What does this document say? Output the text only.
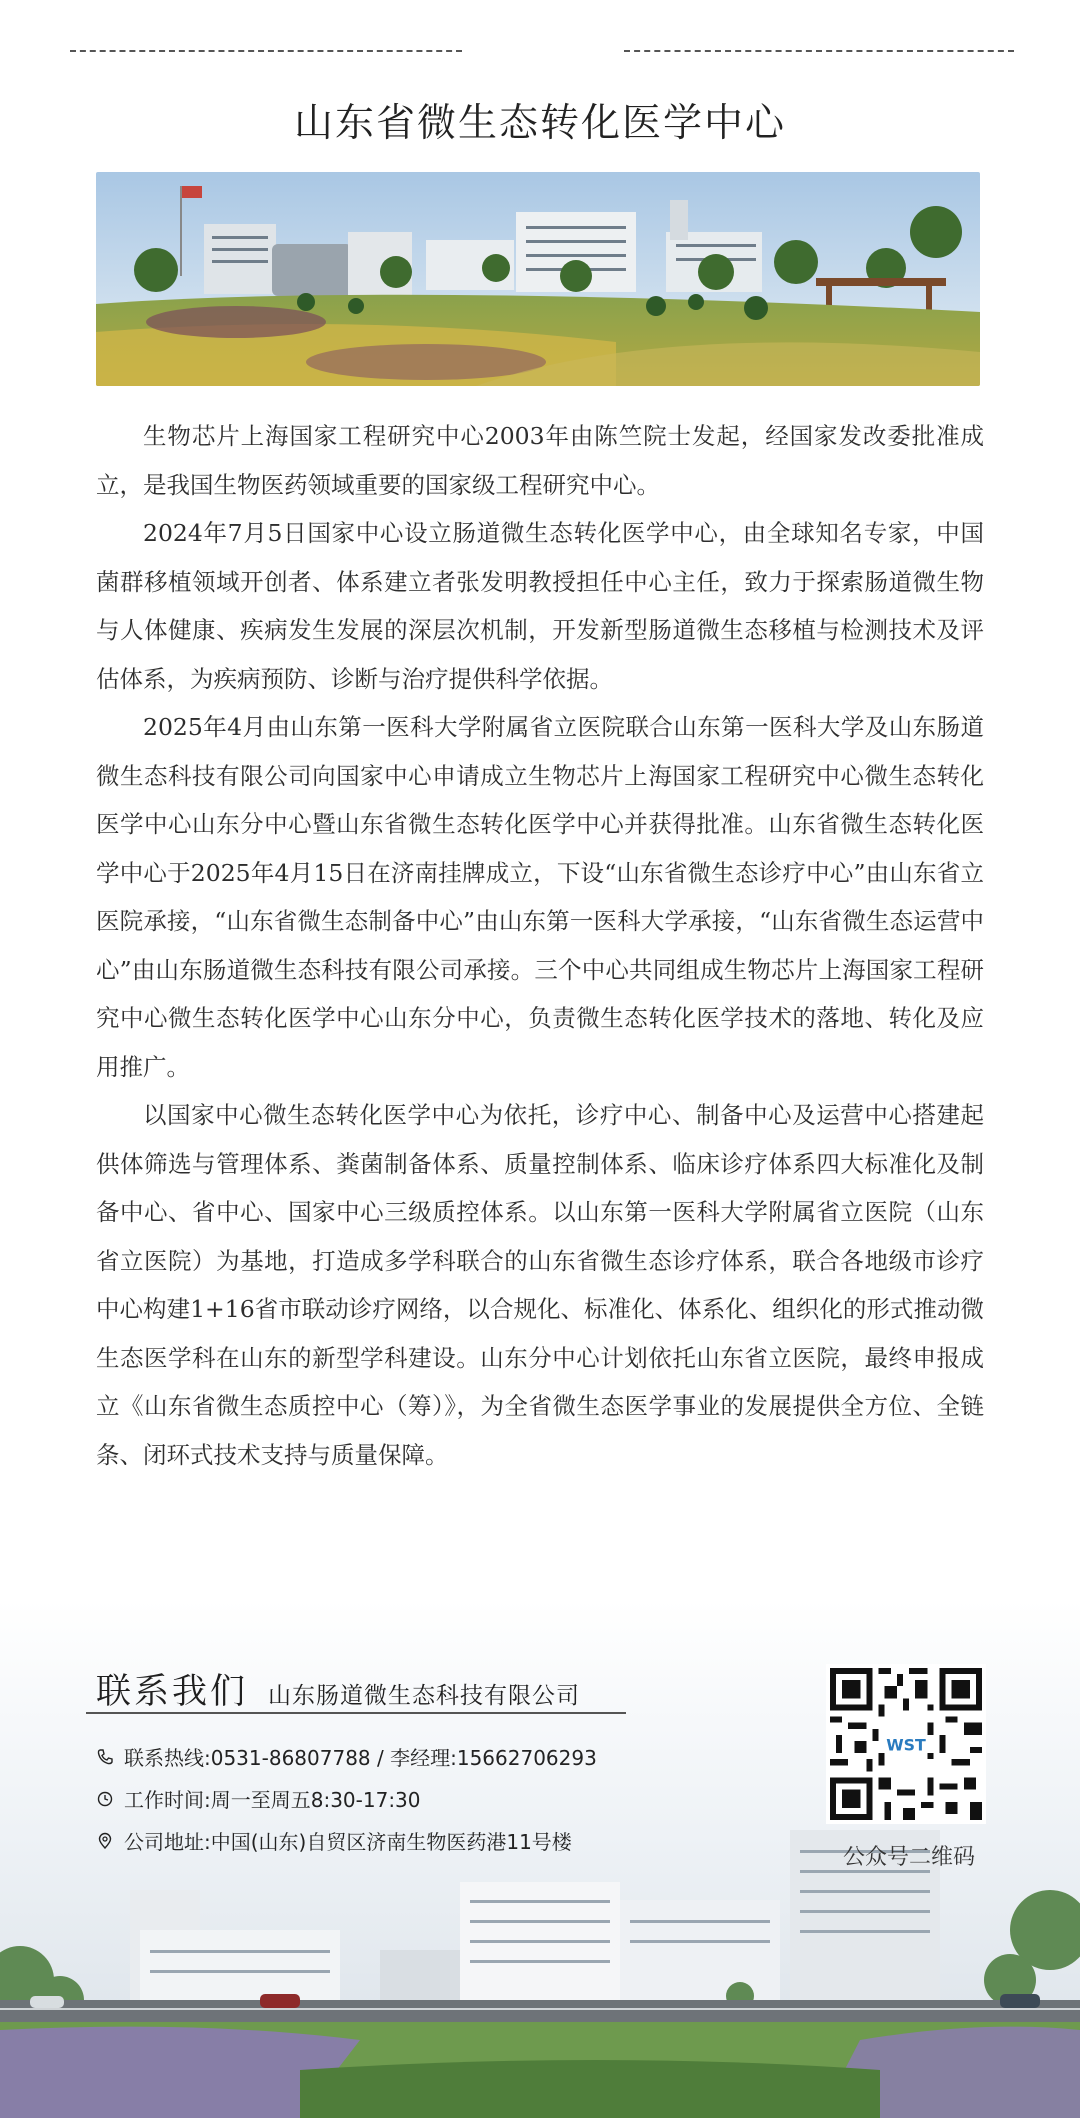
山东省微生态转化医学中心

生物芯片上海国家工程研究中心2003年由陈竺院士发起，经国家发改委批准成立，是我国生物医药领域重要的国家级工程研究中心。

2024年7月5日国家中心设立肠道微生态转化医学中心，由全球知名专家，中国菌群移植领域开创者、体系建立者张发明教授担任中心主任，致力于探索肠道微生物与人体健康、疾病发生发展的深层次机制，开发新型肠道微生态移植与检测技术及评估体系，为疾病预防、诊断与治疗提供科学依据。

2025年4月由山东第一医科大学附属省立医院联合山东第一医科大学及山东肠道微生态科技有限公司向国家中心申请成立生物芯片上海国家工程研究中心微生态转化医学中心山东分中心暨山东省微生态转化医学中心并获得批准。山东省微生态转化医学中心于2025年4月15日在济南挂牌成立，下设“山东省微生态诊疗中心”由山东省立医院承接，“山东省微生态制备中心”由山东第一医科大学承接，“山东省微生态运营中心”由山东肠道微生态科技有限公司承接。三个中心共同组成生物芯片上海国家工程研究中心微生态转化医学中心山东分中心，负责微生态转化医学技术的落地、转化及应用推广。

以国家中心微生态转化医学中心为依托，诊疗中心、制备中心及运营中心搭建起供体筛选与管理体系、粪菌制备体系、质量控制体系、临床诊疗体系四大标准化及制备中心、省中心、国家中心三级质控体系。以山东第一医科大学附属省立医院（山东省立医院）为基地，打造成多学科联合的山东省微生态诊疗体系，联合各地级市诊疗中心构建1+16省市联动诊疗网络，以合规化、标准化、体系化、组织化的形式推动微生态医学科在山东的新型学科建设。山东分中心计划依托山东省立医院，最终申报成立《山东省微生态质控中心（筹）》，为全省微生态医学事业的发展提供全方位、全链条、闭环式技术支持与质量保障。

联系我们 山东肠道微生态科技有限公司
联系热线:0531-86807788 / 李经理:15662706293
工作时间:周一至周五8:30-17:30
公司地址:中国(山东)自贸区济南生物医药港11号楼
WST
公众号二维码
